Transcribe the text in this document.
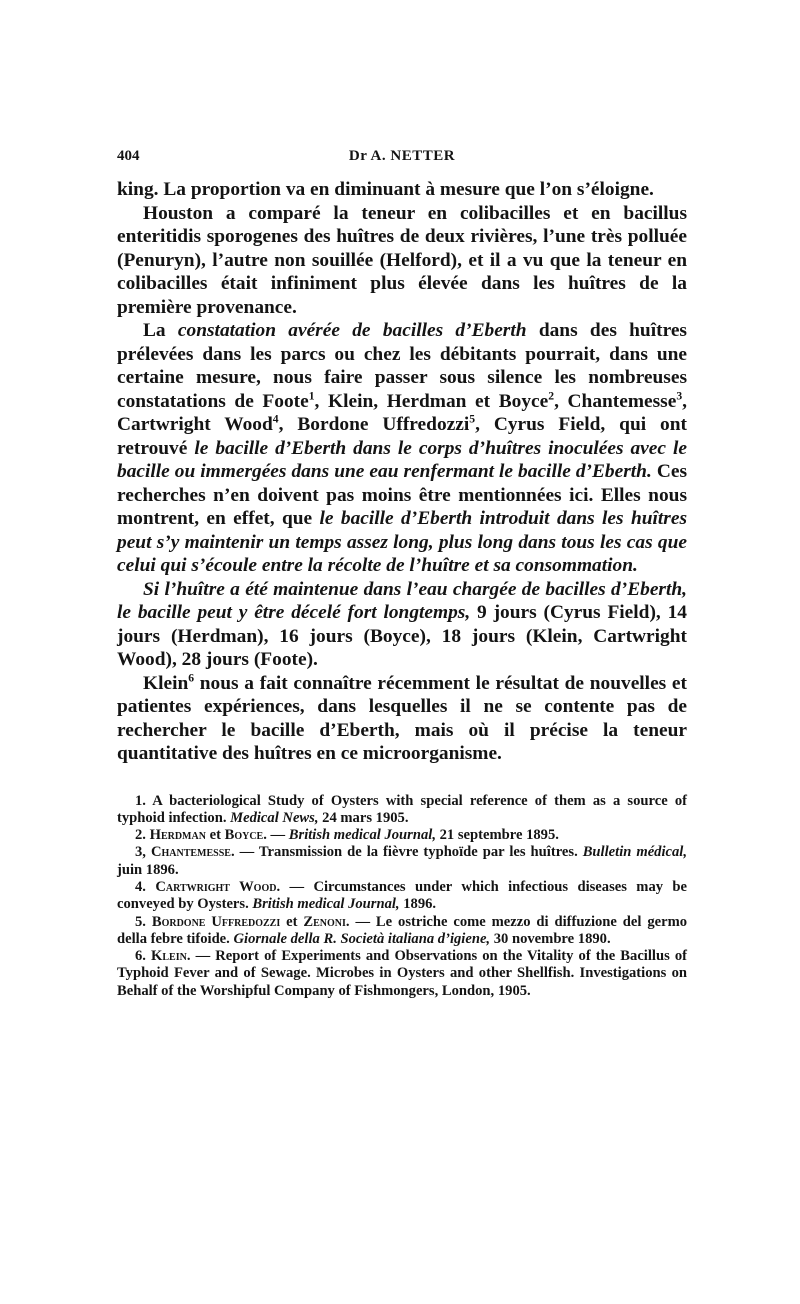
404	Dr A. NETTER

king. La proportion va en diminuant à mesure que l’on s’éloigne.

Houston a comparé la teneur en colibacilles et en bacillus enteritidis sporogenes des huîtres de deux rivières, l’une très polluée (Penuryn), l’autre non souillée (Helford), et il a vu que la teneur en colibacilles était infiniment plus élevée dans les huîtres de la première provenance.

La constatation avérée de bacilles d’Eberth dans des huîtres prélevées dans les parcs ou chez les débitants pourrait, dans une certaine mesure, nous faire passer sous silence les nombreuses constatations de Foote$^1$, Klein, Herdman et Boyce$^2$, Chantemesse$^3$, Cartwright Wood$^4$, Bordone Uffredozzi$^5$, Cyrus Field, qui ont retrouvé le bacille d’Eberth dans le corps d’huîtres inoculées avec le bacille ou immergées dans une eau renfermant le bacille d’Eberth. Ces recherches n’en doivent pas moins être mentionnées ici. Elles nous montrent, en effet, que le bacille d’Eberth introduit dans les huîtres peut s’y maintenir un temps assez long, plus long dans tous les cas que celui qui s’écoule entre la récolte de l’huître et sa consommation.

Si l’huître a été maintenue dans l’eau chargée de bacilles d’Eberth, le bacille peut y être décelé fort longtemps, 9 jours (Cyrus Field), 14 jours (Herdman), 16 jours (Boyce), 18 jours (Klein, Cartwright Wood), 28 jours (Foote).

Klein$^6$ nous a fait connaître récemment le résultat de nouvelles et patientes expériences, dans lesquelles il ne se contente pas de rechercher le bacille d’Eberth, mais où il précise la teneur quantitative des huîtres en ce microorganisme.

1. A bacteriological Study of Oysters with special reference of them as a source of typhoid infection. Medical News, 24 mars 1905.

2. Herdman et Boyce. — British medical Journal, 21 septembre 1895.

3, Chantemesse. — Transmission de la fièvre typhoïde par les huîtres. Bulletin médical, juin 1896.

4. Cartwright Wood. — Circumstances under which infectious diseases may be conveyed by Oysters. British medical Journal, 1896.

5. Bordone Uffredozzi et Zenoni. — Le ostriche come mezzo di diffuzione del germo della febre tifoide. Giornale della R. Società italiana d’igiene, 30 novembre 1890.

6. Klein. — Report of Experiments and Observations on the Vitality of the Bacillus of Typhoid Fever and of Sewage. Microbes in Oysters and other Shellfish. Investigations on Behalf of the Worshipful Company of Fishmongers, London, 1905.
